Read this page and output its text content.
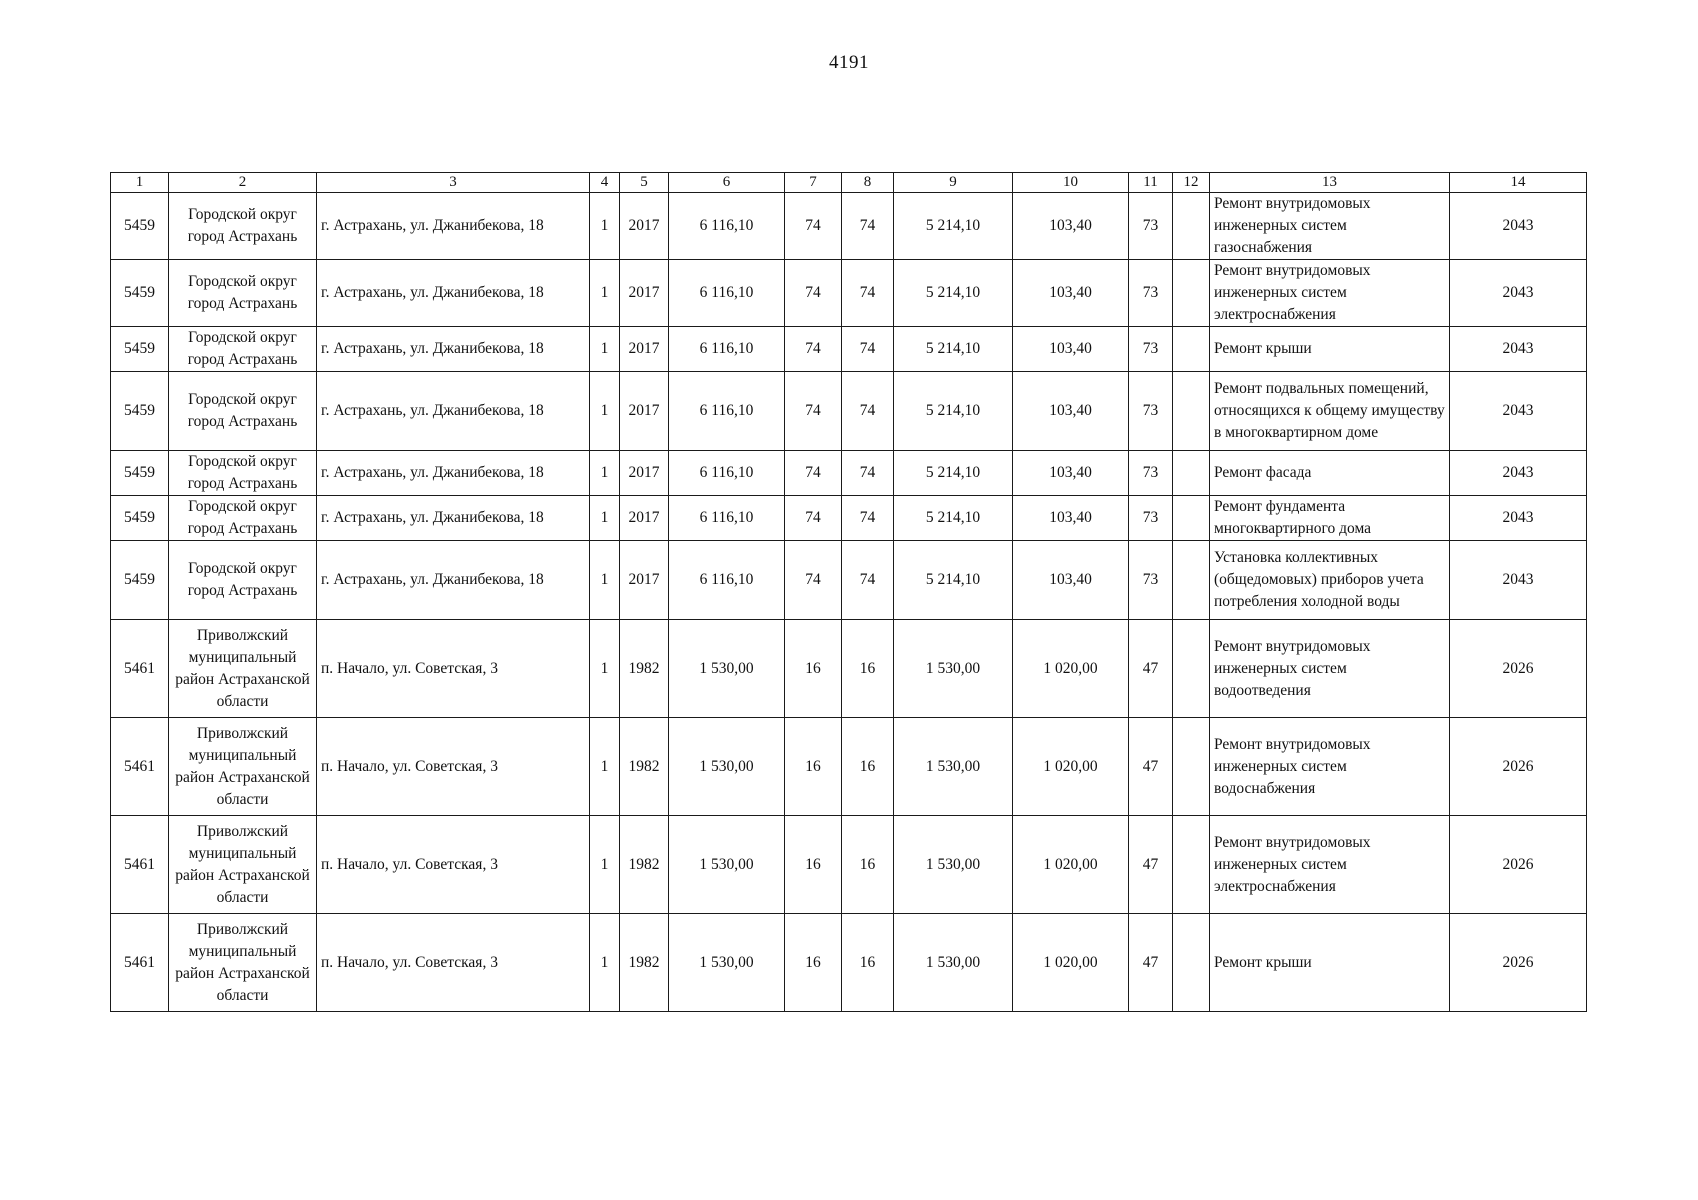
4191
1	2	3	4	5	6	7	8	9	10	11	12	13	14
5459	Городской округ город Астрахань	г. Астрахань, ул. Джанибекова, 18	1	2017	6 116,10	74	74	5 214,10	103,40	73		Ремонт внутридомовых инженерных систем газоснабжения	2043
5459	Городской округ город Астрахань	г. Астрахань, ул. Джанибекова, 18	1	2017	6 116,10	74	74	5 214,10	103,40	73		Ремонт внутридомовых инженерных систем электроснабжения	2043
5459	Городской округ город Астрахань	г. Астрахань, ул. Джанибекова, 18	1	2017	6 116,10	74	74	5 214,10	103,40	73		Ремонт крыши	2043
5459	Городской округ город Астрахань	г. Астрахань, ул. Джанибекова, 18	1	2017	6 116,10	74	74	5 214,10	103,40	73		Ремонт подвальных помещений, относящихся к общему имуществу в многоквартирном доме	2043
5459	Городской округ город Астрахань	г. Астрахань, ул. Джанибекова, 18	1	2017	6 116,10	74	74	5 214,10	103,40	73		Ремонт фасада	2043
5459	Городской округ город Астрахань	г. Астрахань, ул. Джанибекова, 18	1	2017	6 116,10	74	74	5 214,10	103,40	73		Ремонт фундамента многоквартирного дома	2043
5459	Городской округ город Астрахань	г. Астрахань, ул. Джанибекова, 18	1	2017	6 116,10	74	74	5 214,10	103,40	73		Установка коллективных (общедомовых) приборов учета потребления холодной воды	2043
5461	Приволжский муниципальный район Астраханской области	п. Начало, ул. Советская, 3	1	1982	1 530,00	16	16	1 530,00	1 020,00	47		Ремонт внутридомовых инженерных систем водоотведения	2026
5461	Приволжский муниципальный район Астраханской области	п. Начало, ул. Советская, 3	1	1982	1 530,00	16	16	1 530,00	1 020,00	47		Ремонт внутридомовых инженерных систем водоснабжения	2026
5461	Приволжский муниципальный район Астраханской области	п. Начало, ул. Советская, 3	1	1982	1 530,00	16	16	1 530,00	1 020,00	47		Ремонт внутридомовых инженерных систем электроснабжения	2026
5461	Приволжский муниципальный район Астраханской области	п. Начало, ул. Советская, 3	1	1982	1 530,00	16	16	1 530,00	1 020,00	47		Ремонт крыши	2026
